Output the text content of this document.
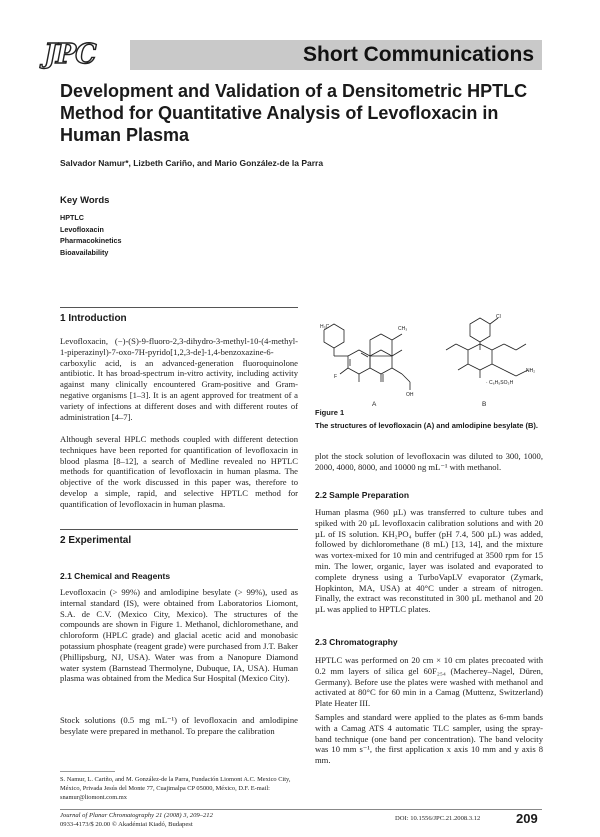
JPC	Short Communications
Development and Validation of a Densitometric HPTLC Method for Quantitative Analysis of Levofloxacin in Human Plasma
Salvador Namur*, Lizbeth Cariño, and Mario González-de la Parra
Key Words
HPTLC
Levofloxacin
Pharmacokinetics
Bioavailability
1 Introduction
Levofloxacin, (−)-(S)-9-fluoro-2,3-dihydro-3-methyl-10-(4-methyl-1-piperazinyl)-7-oxo-7H-pyrido[1,2,3-de]-1,4-benzoxazine-6-carboxylic acid, is an advanced-generation fluoroquinolone antibiotic. It has broad-spectrum in-vitro activity, including activity against many clinically encountered Gram-positive and Gram-negative organisms [1–3]. It is an agent approved for treatment of a variety of infections at different doses and with different routes of administration [4–7].
Although several HPLC methods coupled with different detection techniques have been reported for quantification of levofloxacin in blood plasma [8–12], a search of Medline revealed no HPTLC methods for quantification of levofloxacin in human plasma. The objective of the work discussed in this paper was, therefore to develop a simple, rapid, and selective HPTLC method for quantification of levofloxacin in human plasma.
2 Experimental
2.1 Chemical and Reagents
Levofloxacin (> 99%) and amlodipine besylate (> 99%), used as internal standard (IS), were obtained from Laboratorios Liomont, S.A. de C.V. (Mexico City, Mexico). The structures of the compounds are shown in Figure 1. Methanol, dichloromethane, and chloroform (HPLC grade) and glacial acetic acid and monobasic potassium phosphate (reagent grade) were purchased from J.T. Baker (Phillipsburg, NJ, USA). Water was from a Nanopure Diamond water system (Barnstead Thermolyne, Dubuque, IA, USA). Human plasma was obtained from the Medica Sur Hospital (Mexico City).
Stock solutions (0.5 mg mL⁻¹) of levofloxacin and amlodipine besylate were prepared in methanol. To prepare the calibration
S. Namur, L. Cariño, and M. González-de la Parra, Fundación Liomont A.C. Mexico City, México, Privada Jesús del Monte 77, Cuajimalpa CP 05000, México, D.F. E-mail: snamur@liomont.com.mx
H₃C	CH₃
F
OH
Cl
· C₆H₅SO₃H
NH₂
A	B
Figure 1
The structures of levofloxacin (A) and amlodipine besylate (B).
plot the stock solution of levofloxacin was diluted to 300, 1000, 2000, 4000, 8000, and 10000 ng mL⁻¹ with methanol.
2.2 Sample Preparation
Human plasma (960 µL) was transferred to culture tubes and spiked with 20 µL levofloxacin calibration solutions and with 20 µL of IS solution. KH₂PO₄ buffer (pH 7.4, 500 µL) was added, followed by dichloromethane (8 mL) [13, 14], and the mixture was vortex-mixed for 10 min and centrifuged at 3500 rpm for 15 min. The lower, organic, layer was isolated and evaporated to complete dryness using a TurboVapLV evaporator (Zymark, Hopkinton, MA, USA) at 40°C under a stream of nitrogen. Finally, the extract was reconstituted in 300 µL methanol and 20 µL was applied to HPTLC plates.
2.3 Chromatography
HPTLC was performed on 20 cm × 10 cm plates precoated with 0.2 mm layers of silica gel 60F₂₅₄ (Macherey–Nagel, Düren, Germany). Before use the plates were washed with methanol and activated at 80°C for 60 min in a Camag (Muttenz, Switzerland) Plate Heater III.
Samples and standard were applied to the plates as 6-mm bands with a Camag ATS 4 automatic TLC sampler, using the spray-band technique (one band per concentration). The band velocity was 10 mm s⁻¹, the first application x axis 10 mm and y axis 8 mm.
Journal of Planar Chromatography 21 (2008) 3, 209–212
0933-4173/$ 20.00 © Akadémiai Kiadó, Budapest
DOI: 10.1556/JPC.21.2008.3.12	209
